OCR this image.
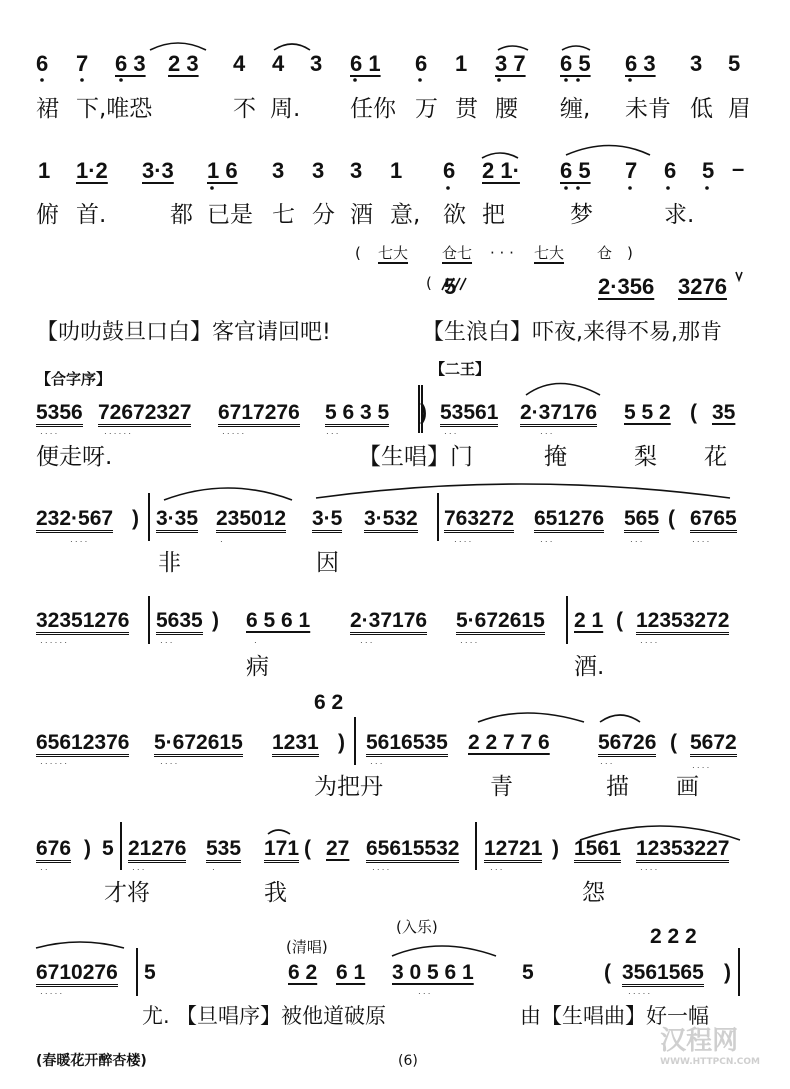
6 7 6 3 2 3 4 4 3 6 1 6 1 3 7 6 5 6 3 3 5
裙 下,唯恐	不 周. 任你 万 贯 腰 缠, 未肯 低 眉
1 1·2 3·3 1 6 3 3 3 1 6 2 1· 6 5 7 6 5 –
俯 首.	都 已是 七 分 酒 意, 欲 把	梦	求.
( 七大 仓七 · · · 七大 仓 )
( 5	2·356 3276
【叻叻鼓旦口白】客官请回吧!	【生浪白】吓夜,来得不易,那肯
【合字序】
【二王】
5356 72672327 6717276 5 6 3 5 ) 53561 2·37176 5 5 2 ( 35
便走呀.	【生唱】门	掩	梨 花
232·567 ) 3·35 235012 3·5 3·532 763272 651276 565 ( 6765
非	因
32351276 5635 ) 6 5 6 1 2·37176 5·672615 2 1 ( 12353272
病	酒.
6 2
65612376 5·672615 1231 ) 5616535 2 2 7 7 6 56726 ( 5672
为把丹	青	描 画
676 ) 5 21276 535 171 ( 27 65615532 12721 ) 1561 12353227
才将	我	怨
(清唱)
(入乐)	2 2 2
6710276 5	6 2 6 1 3 0 5 6 1 5	( 3561565 )
尤. 【旦唱序】被他道破原	由【生唱曲】好一幅
· · · ·	· · · · · ·	· · · · ·	· · ·	· · ·	· · ·
· · · ·	·	· · · ·	· · ·	· · ·	· · · ·
· · · · · ·	· · ·	·	· · ·	· · · ·	· · · ·
· · · · · ·	· · · ·	· · ·	· · ·	· · · ·
· ·	· · ·	·	· · · ·	· · ·	· · · ·
· · · · ·	· · ·	· · · · ·
(春暖花开醉杏楼)	(6)
汉程网
WWW.HTTPCN.COM
